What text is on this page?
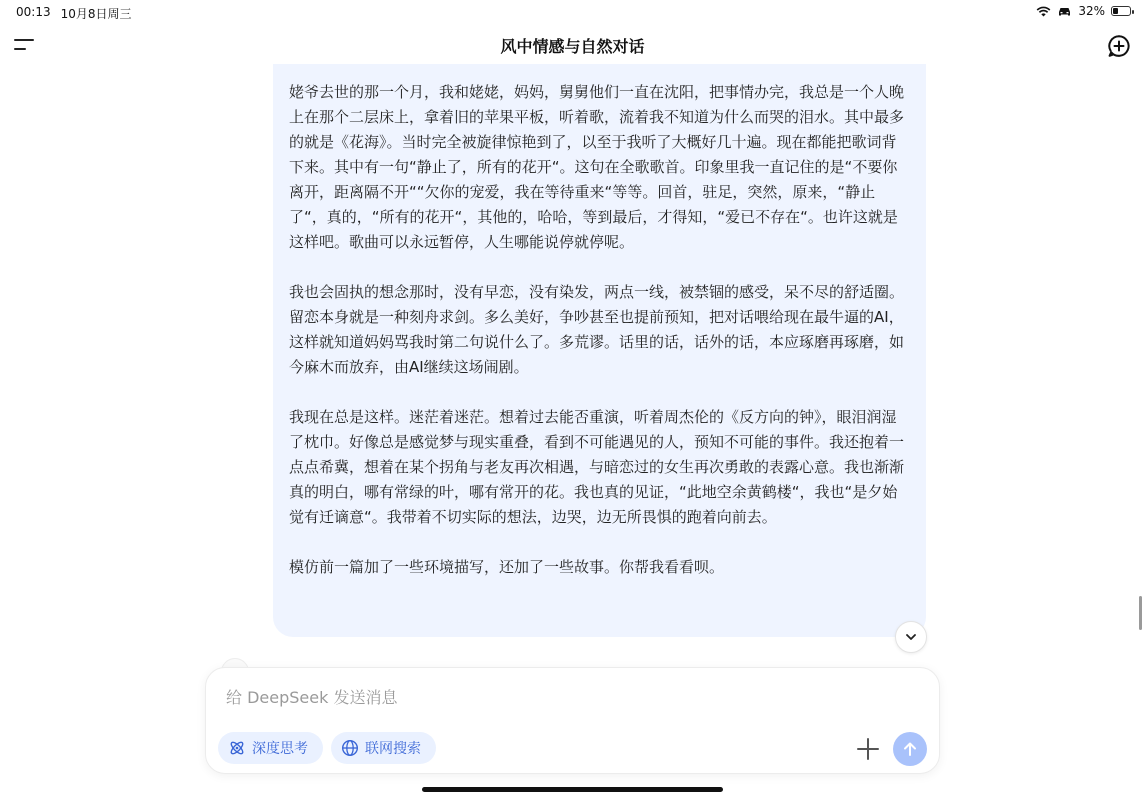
00:13 10月8日周三	32%
风中情感与自然对话

姥爷去世的那一个月，我和姥姥，妈妈，舅舅他们一直在沈阳，把事情办完，我总是一个人晚上在那个二层床上，拿着旧的苹果平板，听着歌，流着我不知道为什么而哭的泪水。其中最多的就是《花海》。当时完全被旋律惊艳到了，以至于我听了大概好几十遍。现在都能把歌词背下来。其中有一句“静止了，所有的花开“。这句在全歌歌首。印象里我一直记住的是“不要你离开，距离隔不开““欠你的宠爱，我在等待重来“等等。回首，驻足，突然，原来，“静止了“，真的，“所有的花开“，其他的，哈哈，等到最后，才得知，“爱已不存在“。也许这就是这样吧。歌曲可以永远暂停，人生哪能说停就停呢。

我也会固执的想念那时，没有早恋，没有染发，两点一线，被禁锢的感受，呆不尽的舒适圈。留恋本身就是一种刻舟求剑。多么美好，争吵甚至也提前预知，把对话喂给现在最牛逼的AI，这样就知道妈妈骂我时第二句说什么了。多荒谬。话里的话，话外的话，本应琢磨再琢磨，如今麻木而放弃，由AI继续这场闹剧。

我现在总是这样。迷茫着迷茫。想着过去能否重演，听着周杰伦的《反方向的钟》，眼泪润湿了枕巾。好像总是感觉梦与现实重叠，看到不可能遇见的人，预知不可能的事件。我还抱着一点点希冀，想着在某个拐角与老友再次相遇，与暗恋过的女生再次勇敢的表露心意。我也渐渐真的明白，哪有常绿的叶，哪有常开的花。我也真的见证，“此地空余黄鹤楼“，我也“是夕始觉有迁谪意“。我带着不切实际的想法，边哭，边无所畏惧的跑着向前去。

模仿前一篇加了一些环境描写，还加了一些故事。你帮我看看呗。

给 DeepSeek 发送消息
深度思考	联网搜索
